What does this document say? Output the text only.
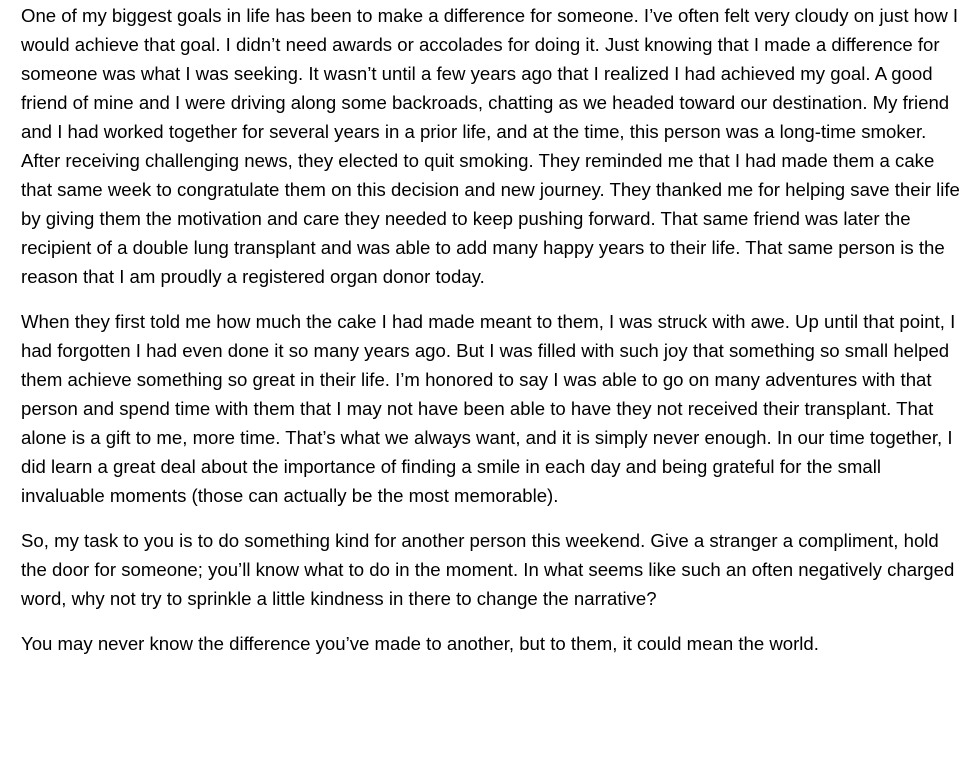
One of my biggest goals in life has been to make a difference for someone. I’ve often felt very cloudy on just how I would achieve that goal. I didn’t need awards or accolades for doing it. Just knowing that I made a difference for someone was what I was seeking. It wasn’t until a few years ago that I realized I had achieved my goal. A good friend of mine and I were driving along some backroads, chatting as we headed toward our destination. My friend and I had worked together for several years in a prior life, and at the time, this person was a long-time smoker. After receiving challenging news, they elected to quit smoking. They reminded me that I had made them a cake that same week to congratulate them on this decision and new journey. They thanked me for helping save their life by giving them the motivation and care they needed to keep pushing forward. That same friend was later the recipient of a double lung transplant and was able to add many happy years to their life. That same person is the reason that I am proudly a registered organ donor today.

When they first told me how much the cake I had made meant to them, I was struck with awe. Up until that point, I had forgotten I had even done it so many years ago. But I was filled with such joy that something so small helped them achieve something so great in their life. I’m honored to say I was able to go on many adventures with that person and spend time with them that I may not have been able to have they not received their transplant. That alone is a gift to me, more time. That’s what we always want, and it is simply never enough. In our time together, I did learn a great deal about the importance of finding a smile in each day and being grateful for the small invaluable moments (those can actually be the most memorable).

So, my task to you is to do something kind for another person this weekend. Give a stranger a compliment, hold the door for someone; you’ll know what to do in the moment. In what seems like such an often negatively charged word, why not try to sprinkle a little kindness in there to change the narrative?

You may never know the difference you’ve made to another, but to them, it could mean the world.
